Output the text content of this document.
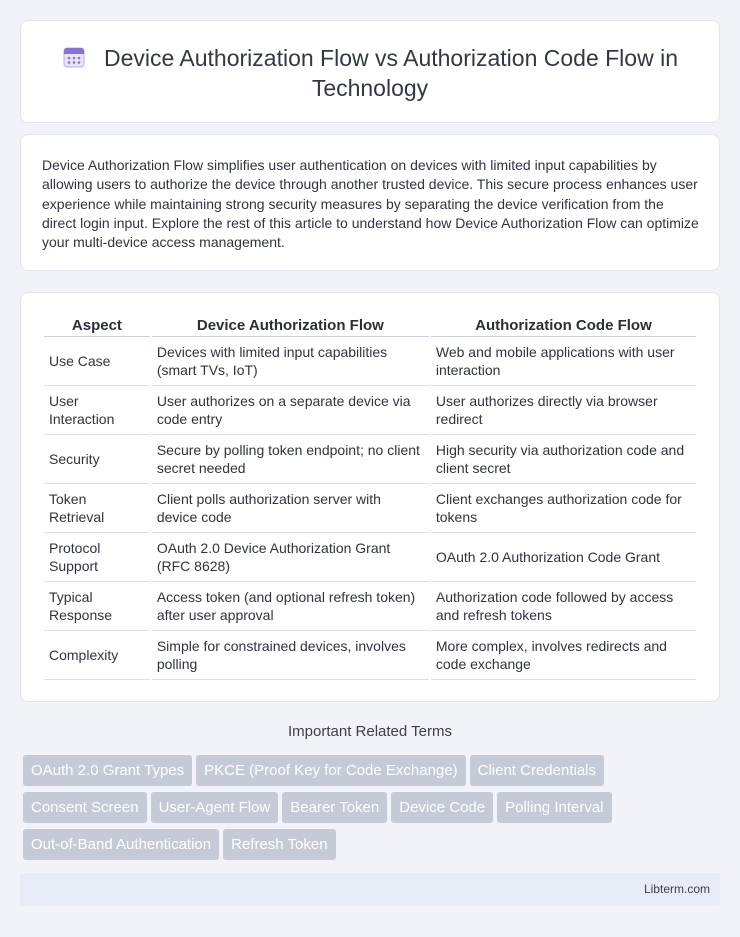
Device Authorization Flow vs Authorization Code Flow in Technology

Device Authorization Flow simplifies user authentication on devices with limited input capabilities by allowing users to authorize the device through another trusted device. This secure process enhances user experience while maintaining strong security measures by separating the device verification from the direct login input. Explore the rest of this article to understand how Device Authorization Flow can optimize your multi-device access management.

Aspect	Device Authorization Flow	Authorization Code Flow
Use Case	Devices with limited input capabilities (smart TVs, IoT)	Web and mobile applications with user interaction
User Interaction	User authorizes on a separate device via code entry	User authorizes directly via browser redirect
Security	Secure by polling token endpoint; no client secret needed	High security via authorization code and client secret
Token Retrieval	Client polls authorization server with device code	Client exchanges authorization code for tokens
Protocol Support	OAuth 2.0 Device Authorization Grant (RFC 8628)	OAuth 2.0 Authorization Code Grant
Typical Response	Access token (and optional refresh token) after user approval	Authorization code followed by access and refresh tokens
Complexity	Simple for constrained devices, involves polling	More complex, involves redirects and code exchange
Important Related Terms
OAuth 2.0 Grant Types PKCE (Proof Key for Code Exchange) Client Credentials
Consent Screen User-Agent Flow Bearer Token Device Code Polling Interval
Out-of-Band Authentication Refresh Token
Libterm.com
